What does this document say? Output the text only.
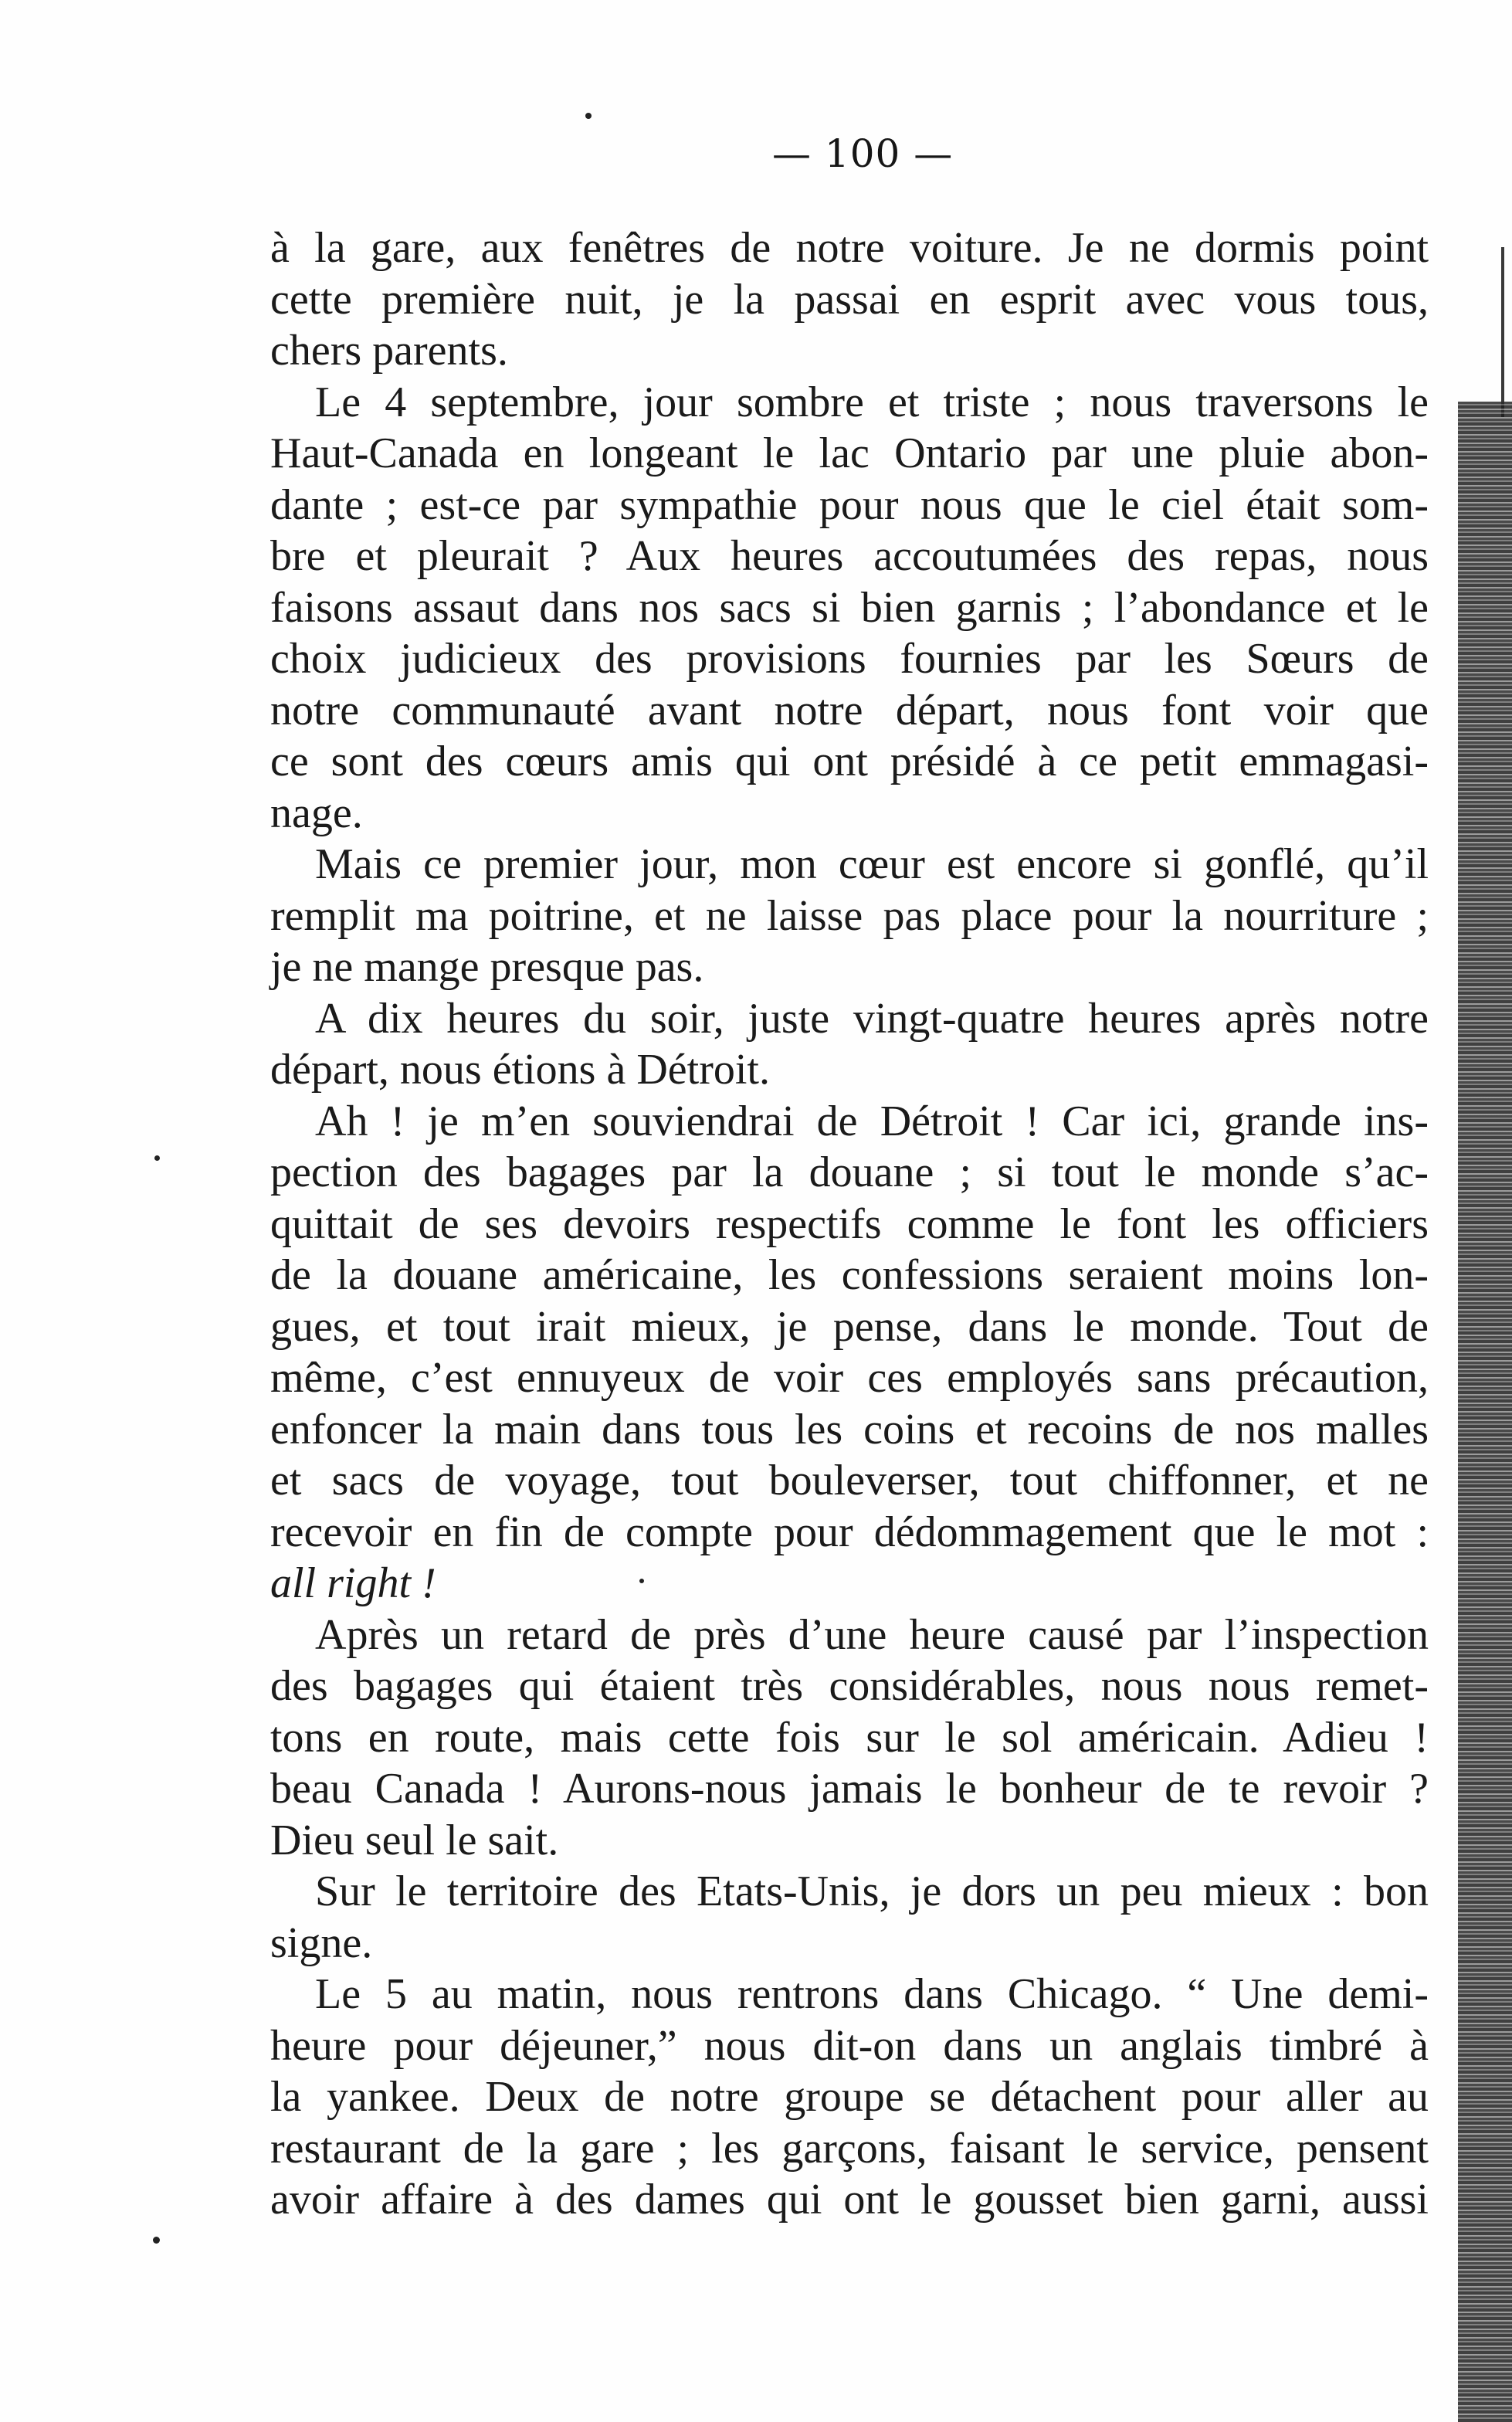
— 100 —
à la gare, aux fenêtres de notre voiture. Je ne dormis point
cette première nuit, je la passai en esprit avec vous tous,
chers parents.
Le 4 septembre, jour sombre et triste ; nous traversons le
Haut-Canada en longeant le lac Ontario par une pluie abon-
dante ; est-ce par sympathie pour nous que le ciel était som-
bre et pleurait ? Aux heures accoutumées des repas, nous
faisons assaut dans nos sacs si bien garnis ; l’abondance et le
choix judicieux des provisions fournies par les Sœurs de
notre communauté avant notre départ, nous font voir que
ce sont des cœurs amis qui ont présidé à ce petit emmagasi-
nage.
Mais ce premier jour, mon cœur est encore si gonflé, qu’il
remplit ma poitrine, et ne laisse pas place pour la nourriture ;
je ne mange presque pas.
A dix heures du soir, juste vingt-quatre heures après notre
départ, nous étions à Détroit.
Ah ! je m’en souviendrai de Détroit ! Car ici, grande ins-
pection des bagages par la douane ; si tout le monde s’ac-
quittait de ses devoirs respectifs comme le font les officiers
de la douane américaine, les confessions seraient moins lon-
gues, et tout irait mieux, je pense, dans le monde. Tout de
même, c’est ennuyeux de voir ces employés sans précaution,
enfoncer la main dans tous les coins et recoins de nos malles
et sacs de voyage, tout bouleverser, tout chiffonner, et ne
recevoir en fin de compte pour dédommagement que le mot :
all right !
Après un retard de près d’une heure causé par l’inspection
des bagages qui étaient très considérables, nous nous remet-
tons en route, mais cette fois sur le sol américain. Adieu !
beau Canada ! Aurons-nous jamais le bonheur de te revoir ?
Dieu seul le sait.
Sur le territoire des Etats-Unis, je dors un peu mieux : bon
signe.
Le 5 au matin, nous rentrons dans Chicago. “ Une demi-
heure pour déjeuner,” nous dit-on dans un anglais timbré à
la yankee. Deux de notre groupe se détachent pour aller au
restaurant de la gare ; les garçons, faisant le service, pensent
avoir affaire à des dames qui ont le gousset bien garni, aussi
